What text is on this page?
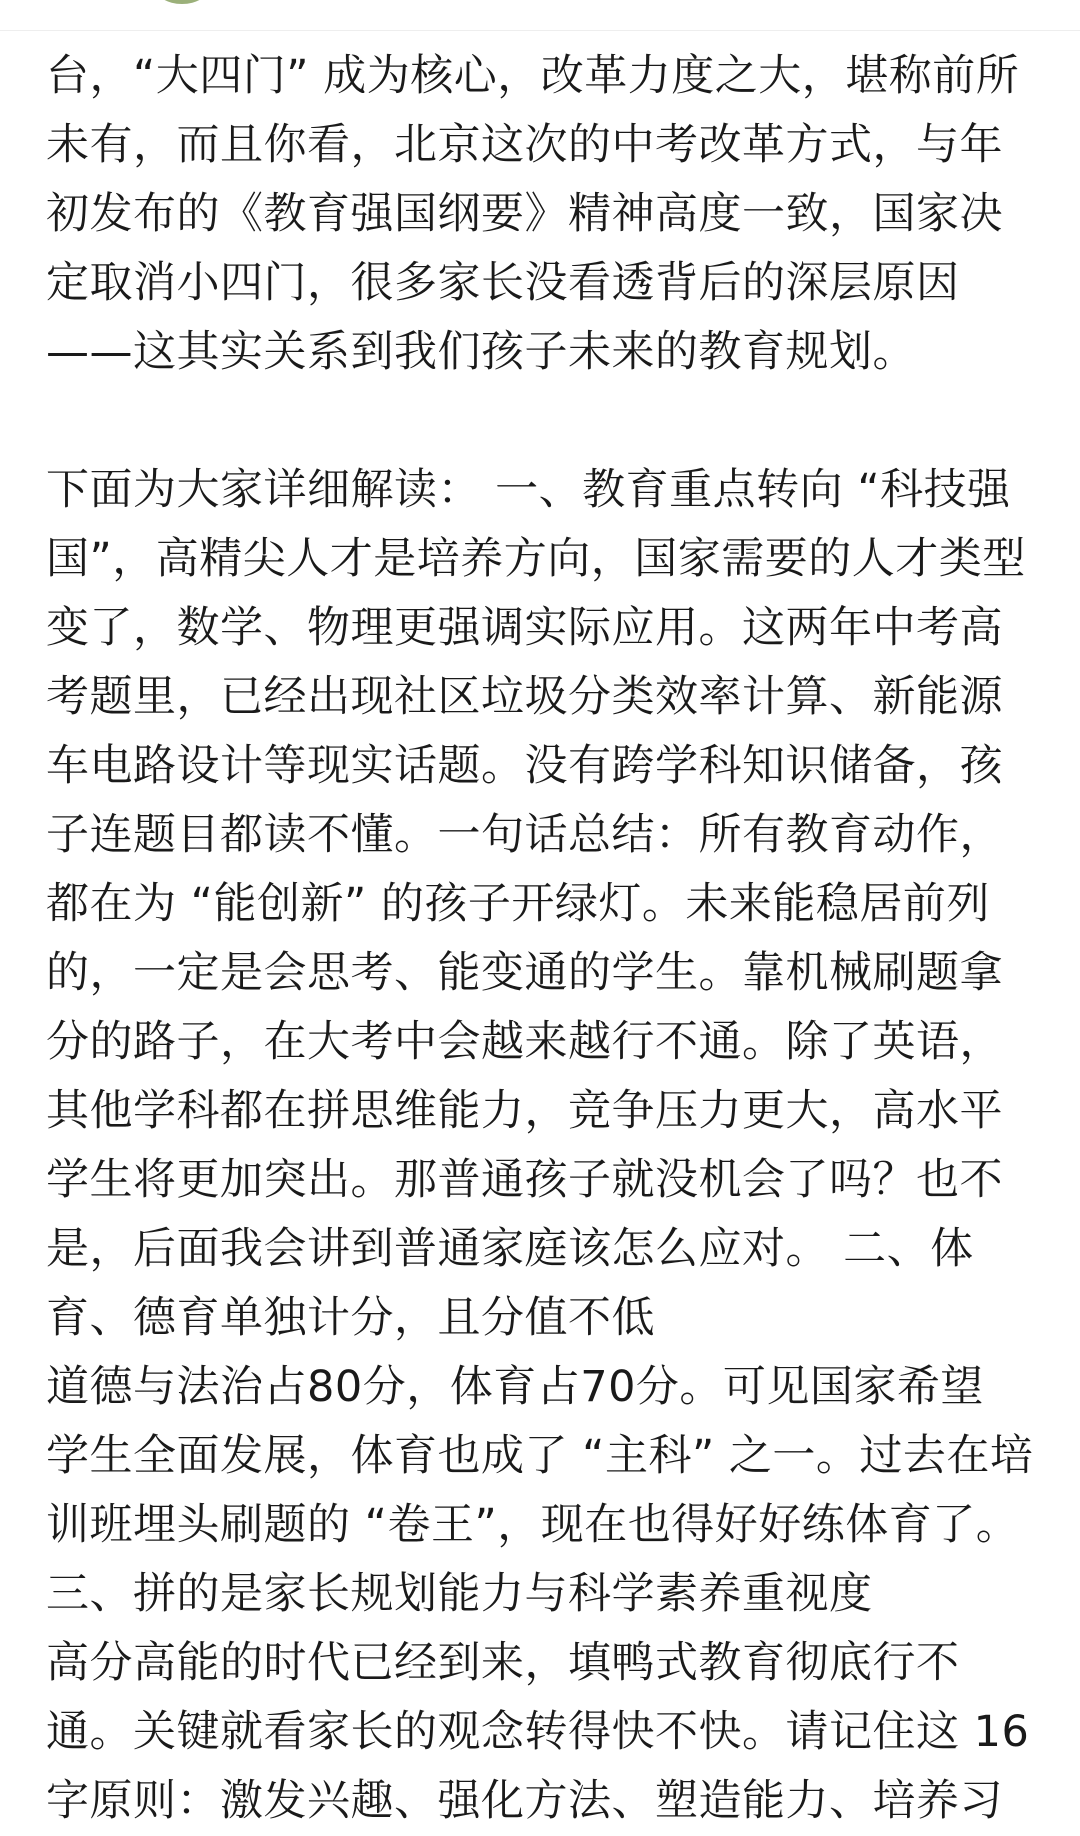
台，“大四门” 成为核心，改革力度之大，堪称前所
未有，而且你看，北京这次的中考改革方式，与年
初发布的《教育强国纲要》精神高度一致，国家决
定取消小四门，很多家长没看透背后的深层原因
——这其实关系到我们孩子未来的教育规划。
下面为大家详细解读： 一、教育重点转向 “科技强
国”，高精尖人才是培养方向，国家需要的人才类型
变了，数学、物理更强调实际应用。这两年中考高
考题里，已经出现社区垃圾分类效率计算、新能源
车电路设计等现实话题。没有跨学科知识储备，孩
子连题目都读不懂。一句话总结：所有教育动作，
都在为 “能创新” 的孩子开绿灯。未来能稳居前列
的，一定是会思考、能变通的学生。靠机械刷题拿
分的路子，在大考中会越来越行不通。除了英语，
其他学科都在拼思维能力，竞争压力更大，高水平
学生将更加突出。那普通孩子就没机会了吗？也不
是，后面我会讲到普通家庭该怎么应对。 二、体
育、德育单独计分，且分值不低
道德与法治占80分，体育占70分。可见国家希望
学生全面发展，体育也成了 “主科” 之一。过去在培
训班埋头刷题的 “卷王”，现在也得好好练体育了。
三、拼的是家长规划能力与科学素养重视度
高分高能的时代已经到来，填鸭式教育彻底行不
通。关键就看家长的观念转得快不快。请记住这 16
字原则：激发兴趣、强化方法、塑造能力、培养习
